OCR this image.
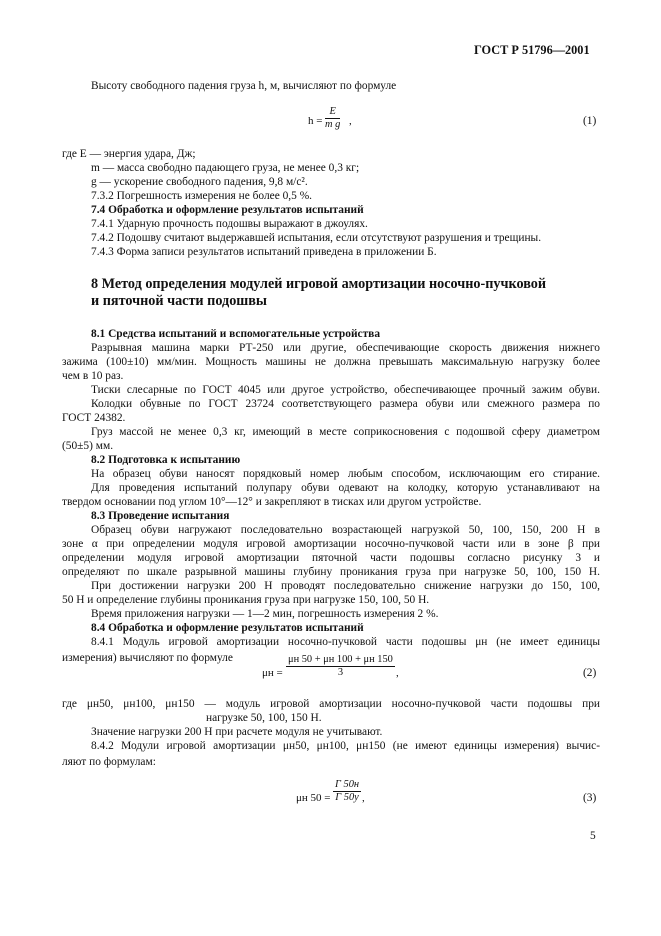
ГОСТ Р 51796—2001
Высоту свободного падения груза h, м, вычисляют по формуле
h =
E
m g ,	(1)
где E — энергия удара, Дж;
m — масса свободно падающего груза, не менее 0,3 кг;
g — ускорение свободного падения, 9,8 м/с².
7.3.2 Погрешность измерения не более 0,5 %.
7.4 Обработка и оформление результатов испытаний
7.4.1 Ударную прочность подошвы выражают в джоулях.
7.4.2 Подошву считают выдержавшей испытания, если отсутствуют разрушения и трещины.
7.4.3 Форма записи результатов испытаний приведена в приложении Б.
8 Метод определения модулей игровой амортизации носочно-пучковой
и пяточной части подошвы
8.1 Средства испытаний и вспомогательные устройства
Разрывная машина марки РТ-250 или другие, обеспечивающие скорость движения нижнего
зажима (100±10) мм/мин. Мощность машины не должна превышать максимальную нагрузку более
чем в 10 раз.
Тиски слесарные по ГОСТ 4045 или другое устройство, обеспечивающее прочный зажим обуви.
Колодки обувные по ГОСТ 23724 соответствующего размера обуви или смежного размера по
ГОСТ 24382.
Груз массой не менее 0,3 кг, имеющий в месте соприкосновения с подошвой сферу диаметром
(50±5) мм.
8.2 Подготовка к испытанию
На образец обуви наносят порядковый номер любым способом, исключающим его стирание.
Для проведения испытаний полупару обуви одевают на колодку, которую устанавливают на
твердом основании под углом 10°—12° и закрепляют в тисках или другом устройстве.
8.3 Проведение испытания
Образец обуви нагружают последовательно возрастающей нагрузкой 50, 100, 150, 200 Н в
зоне α при определении модуля игровой амортизации носочно-пучковой части или в зоне β при
определении модуля игровой амортизации пяточной части подошвы согласно рисунку 3 и
определяют по шкале разрывной машины глубину проникания груза при нагрузке 50, 100, 150 Н.
При достижении нагрузки 200 Н проводят последовательно снижение нагрузки до 150, 100,
50 Н и определение глубины проникания груза при нагрузке 150, 100, 50 Н.
Время приложения нагрузки — 1—2 мин, погрешность измерения 2 %.
8.4 Обработка и оформление результатов испытаний
8.4.1 Модуль игровой амортизации носочно-пучковой части подошвы μн (не имеет единицы
измерения) вычисляют по формуле
μн =
μн 50 + μн 100 + μн 150
3	,	(2)
где μн50, μн100, μн150 — модуль игровой амортизации носочно-пучковой части подошвы при
нагрузке 50, 100, 150 Н.
Значение нагрузки 200 Н при расчете модуля не учитывают.
8.4.2 Модули игровой амортизации μн50, μн100, μн150 (не имеют единицы измерения) вычис-
ляют по формулам:
μн 50 =
Г 50н
Г 50у ,	(3)
5
